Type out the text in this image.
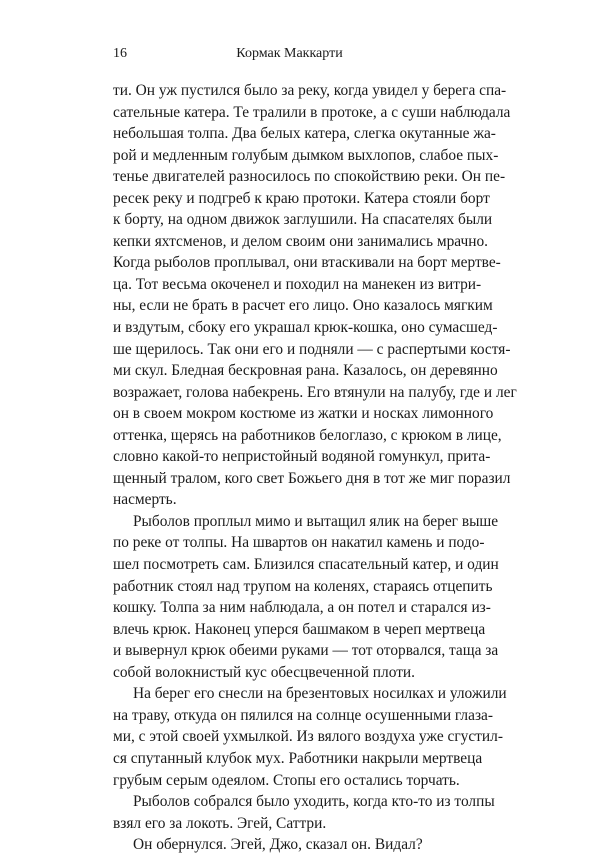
16	Кормак Маккарти
ти. Он уж пустился было за реку, когда увидел у берега спа-
сательные катера. Те тралили в протоке, а с суши наблюдала
небольшая толпа. Два белых катера, слегка окутанные жа-
рой и медленным голубым дымком выхлопов, слабое пых-
тенье двигателей разносилось по спокойствию реки. Он пе-
ресек реку и подгреб к краю протоки. Катера стояли борт
к борту, на одном движок заглушили. На спасателях были
кепки яхтсменов, и делом своим они занимались мрачно.
Когда рыболов проплывал, они втаскивали на борт мертве-
ца. Тот весьма окоченел и походил на манекен из витри-
ны, если не брать в расчет его лицо. Оно казалось мягким
и вздутым, сбоку его украшал крюк-кошка, оно сумасшед-
ше щерилось. Так они его и подняли — с распертыми костя-
ми скул. Бледная бескровная рана. Казалось, он деревянно
возражает, голова набекрень. Его втянули на палубу, где и лег
он в своем мокром костюме из жатки и носках лимонного
оттенка, щерясь на работников белоглазо, с крюком в лице,
словно какой-то непристойный водяной гомункул, прита-
щенный тралом, кого свет Божьего дня в тот же миг поразил
насмерть.
Рыболов проплыл мимо и вытащил ялик на берег выше
по реке от толпы. На швартов он накатил камень и подо-
шел посмотреть сам. Близился спасательный катер, и один
работник стоял над трупом на коленях, стараясь отцепить
кошку. Толпа за ним наблюдала, а он потел и старался из-
влечь крюк. Наконец уперся башмаком в череп мертвеца
и вывернул крюк обеими руками — тот оторвался, таща за
собой волокнистый кус обесцвеченной плоти.
На берег его снесли на брезентовых носилках и уложили
на траву, откуда он пялился на солнце осушенными глаза-
ми, с этой своей ухмылкой. Из вялого воздуха уже сгустил-
ся спутанный клубок мух. Работники накрыли мертвеца
грубым серым одеялом. Стопы его остались торчать.
Рыболов собрался было уходить, когда кто-то из толпы
взял его за локоть. Эгей, Саттри.
Он обернулся. Эгей, Джо, сказал он. Видал?
